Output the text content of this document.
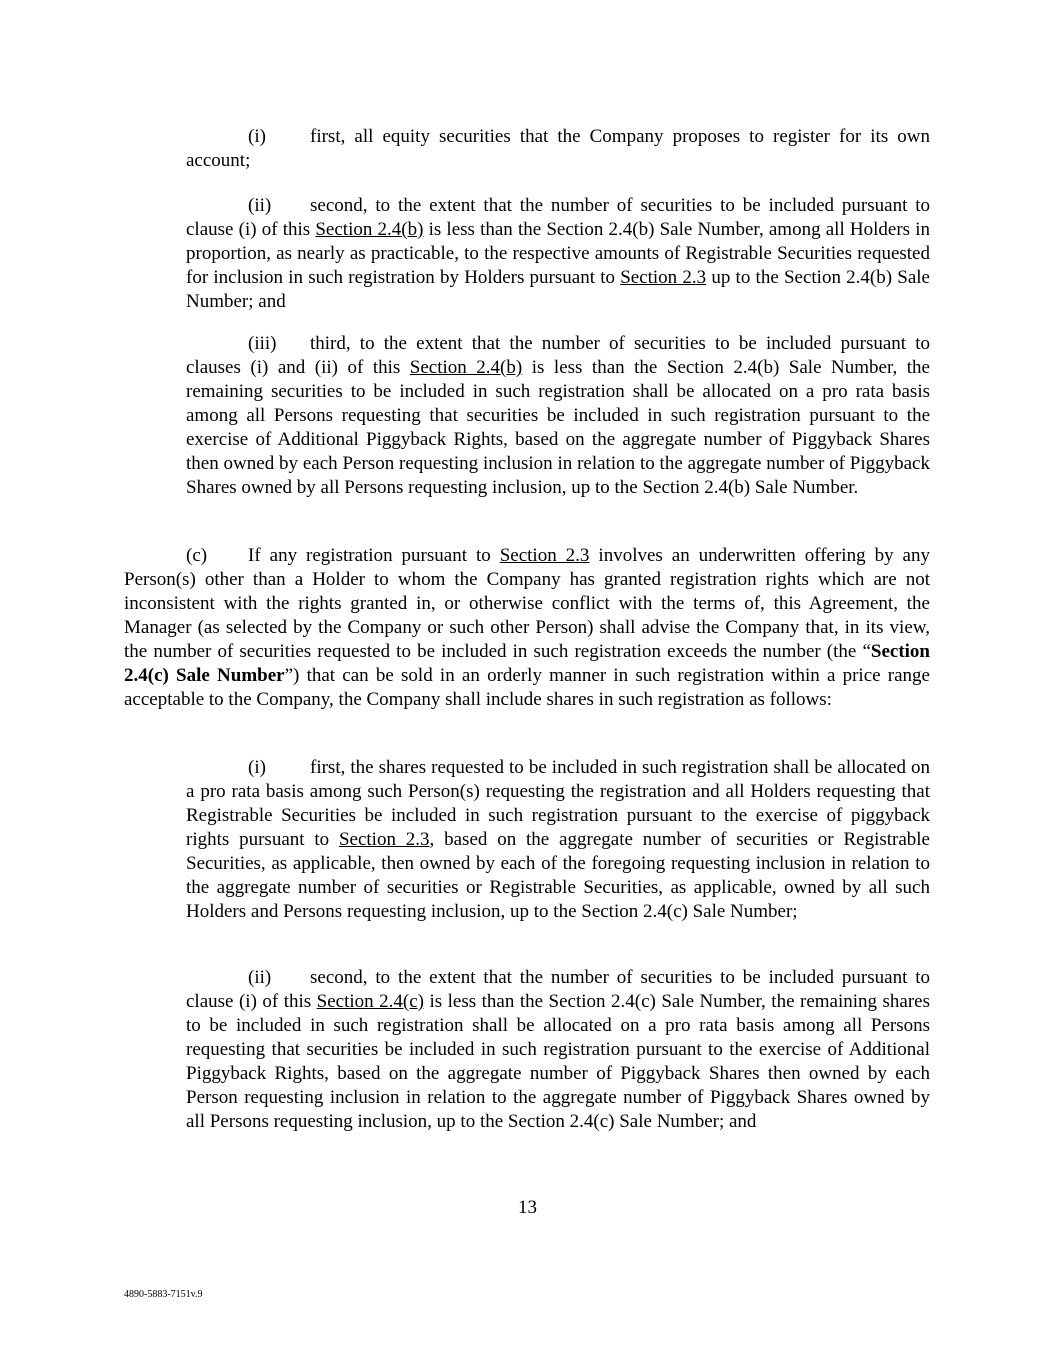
(i) first, all equity securities that the Company proposes to register for its own account;

(ii) second, to the extent that the number of securities to be included pursuant to clause (i) of this Section 2.4(b) is less than the Section 2.4(b) Sale Number, among all Holders in proportion, as nearly as practicable, to the respective amounts of Registrable Securities requested for inclusion in such registration by Holders pursuant to Section 2.3 up to the Section 2.4(b) Sale Number; and

(iii) third, to the extent that the number of securities to be included pursuant to clauses (i) and (ii) of this Section 2.4(b) is less than the Section 2.4(b) Sale Number, the remaining securities to be included in such registration shall be allocated on a pro rata basis among all Persons requesting that securities be included in such registration pursuant to the exercise of Additional Piggyback Rights, based on the aggregate number of Piggyback Shares then owned by each Person requesting inclusion in relation to the aggregate number of Piggyback Shares owned by all Persons requesting inclusion, up to the Section 2.4(b) Sale Number.

(c) If any registration pursuant to Section 2.3 involves an underwritten offering by any Person(s) other than a Holder to whom the Company has granted registration rights which are not inconsistent with the rights granted in, or otherwise conflict with the terms of, this Agreement, the Manager (as selected by the Company or such other Person) shall advise the Company that, in its view, the number of securities requested to be included in such registration exceeds the number (the “Section 2.4(c) Sale Number”) that can be sold in an orderly manner in such registration within a price range acceptable to the Company, the Company shall include shares in such registration as follows:

(i) first, the shares requested to be included in such registration shall be allocated on a pro rata basis among such Person(s) requesting the registration and all Holders requesting that Registrable Securities be included in such registration pursuant to the exercise of piggyback rights pursuant to Section 2.3, based on the aggregate number of securities or Registrable Securities, as applicable, then owned by each of the foregoing requesting inclusion in relation to the aggregate number of securities or Registrable Securities, as applicable, owned by all such Holders and Persons requesting inclusion, up to the Section 2.4(c) Sale Number;

(ii) second, to the extent that the number of securities to be included pursuant to clause (i) of this Section 2.4(c) is less than the Section 2.4(c) Sale Number, the remaining shares to be included in such registration shall be allocated on a pro rata basis among all Persons requesting that securities be included in such registration pursuant to the exercise of Additional Piggyback Rights, based on the aggregate number of Piggyback Shares then owned by each Person requesting inclusion in relation to the aggregate number of Piggyback Shares owned by all Persons requesting inclusion, up to the Section 2.4(c) Sale Number; and

13
4890-5883-7151v.9
